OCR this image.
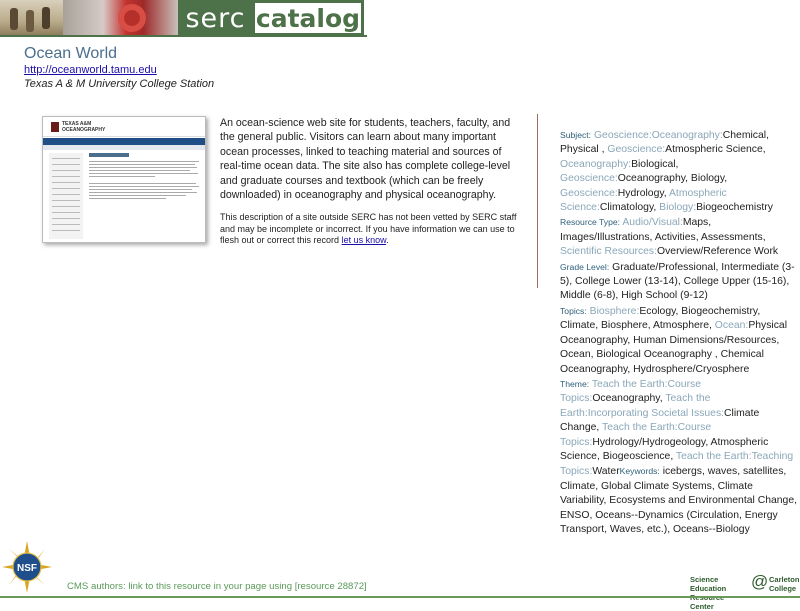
serc catalog
Ocean World
http://oceanworld.tamu.edu
Texas A & M University College Station
TEXAS A&M
OCEANOGRAPHY
An ocean-science web site for students, teachers, faculty, and the general public. Visitors can learn about many important ocean processes, linked to teaching material and sources of real-time ocean data. The site also has complete college-level and graduate courses and textbook (which can be freely downloaded) in oceanography and physical oceanography.
This description of a site outside SERC has not been vetted by SERC staff and may be incomplete or incorrect. If you have information we can use to flesh out or correct this record let us know.
Subject: Geoscience:Oceanography:Chemical, Physical , Geoscience:Atmospheric Science, Oceanography:Biological, Geoscience:Oceanography, Biology, Geoscience:Hydrology, Atmospheric Science:Climatology, Biology:Biogeochemistry
Resource Type: Audio/Visual:Maps, Images/Illustrations, Activities, Assessments, Scientific Resources:Overview/Reference Work
Grade Level: Graduate/Professional, Intermediate (3-5), College Lower (13-14), College Upper (15-16), Middle (6-8), High School (9-12)
Topics: Biosphere:Ecology, Biogeochemistry, Climate, Biosphere, Atmosphere, Ocean:Physical Oceanography, Human Dimensions/Resources, Ocean, Biological Oceanography , Chemical Oceanography, Hydrosphere/Cryosphere
Theme: Teach the Earth:Course Topics:Oceanography, Teach the Earth:Incorporating Societal Issues:Climate Change, Teach the Earth:Course Topics:Hydrology/Hydrogeology, Atmospheric Science, Biogeoscience, Teach the Earth:Teaching Topics:WaterKeywords: icebergs, waves, satellites, Climate, Global Climate Systems, Climate Variability, Ecosystems and Environmental Change, ENSO, Oceans--Dynamics (Circulation, Energy Transport, Waves, etc.), Oceans--Biology
NSF
CMS authors: link to this resource in your page using [resource 28872]
Science Education
Center
@ Carleton
College
